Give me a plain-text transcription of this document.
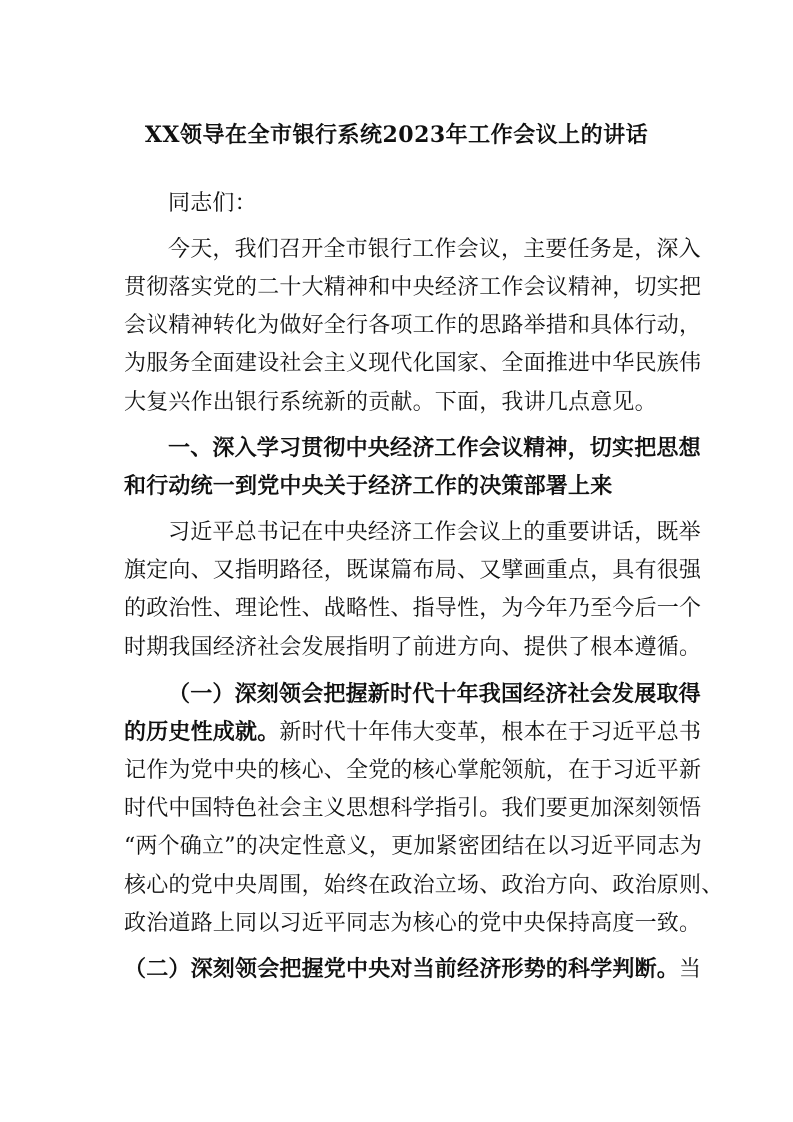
XX领导在全市银行系统2023年工作会议上的讲话
同志们：
今天，我们召开全市银行工作会议，主要任务是，深入
贯彻落实党的二十大精神和中央经济工作会议精神，切实把
会议精神转化为做好全行各项工作的思路举措和具体行动，
为服务全面建设社会主义现代化国家、全面推进中华民族伟
大复兴作出银行系统新的贡献。下面，我讲几点意见。
一、深入学习贯彻中央经济工作会议精神，切实把思想
和行动统一到党中央关于经济工作的决策部署上来
习近平总书记在中央经济工作会议上的重要讲话，既举
旗定向、又指明路径，既谋篇布局、又擘画重点，具有很强
的政治性、理论性、战略性、指导性，为今年乃至今后一个
时期我国经济社会发展指明了前进方向、提供了根本遵循。
（一）深刻领会把握新时代十年我国经济社会发展取得
的历史性成就。新时代十年伟大变革，根本在于习近平总书
记作为党中央的核心、全党的核心掌舵领航，在于习近平新
时代中国特色社会主义思想科学指引。我们要更加深刻领悟
“两个确立”的决定性意义，更加紧密团结在以习近平同志为
核心的党中央周围，始终在政治立场、政治方向、政治原则、
政治道路上同以习近平同志为核心的党中央保持高度一致。
（二）深刻领会把握党中央对当前经济形势的科学判断。当
